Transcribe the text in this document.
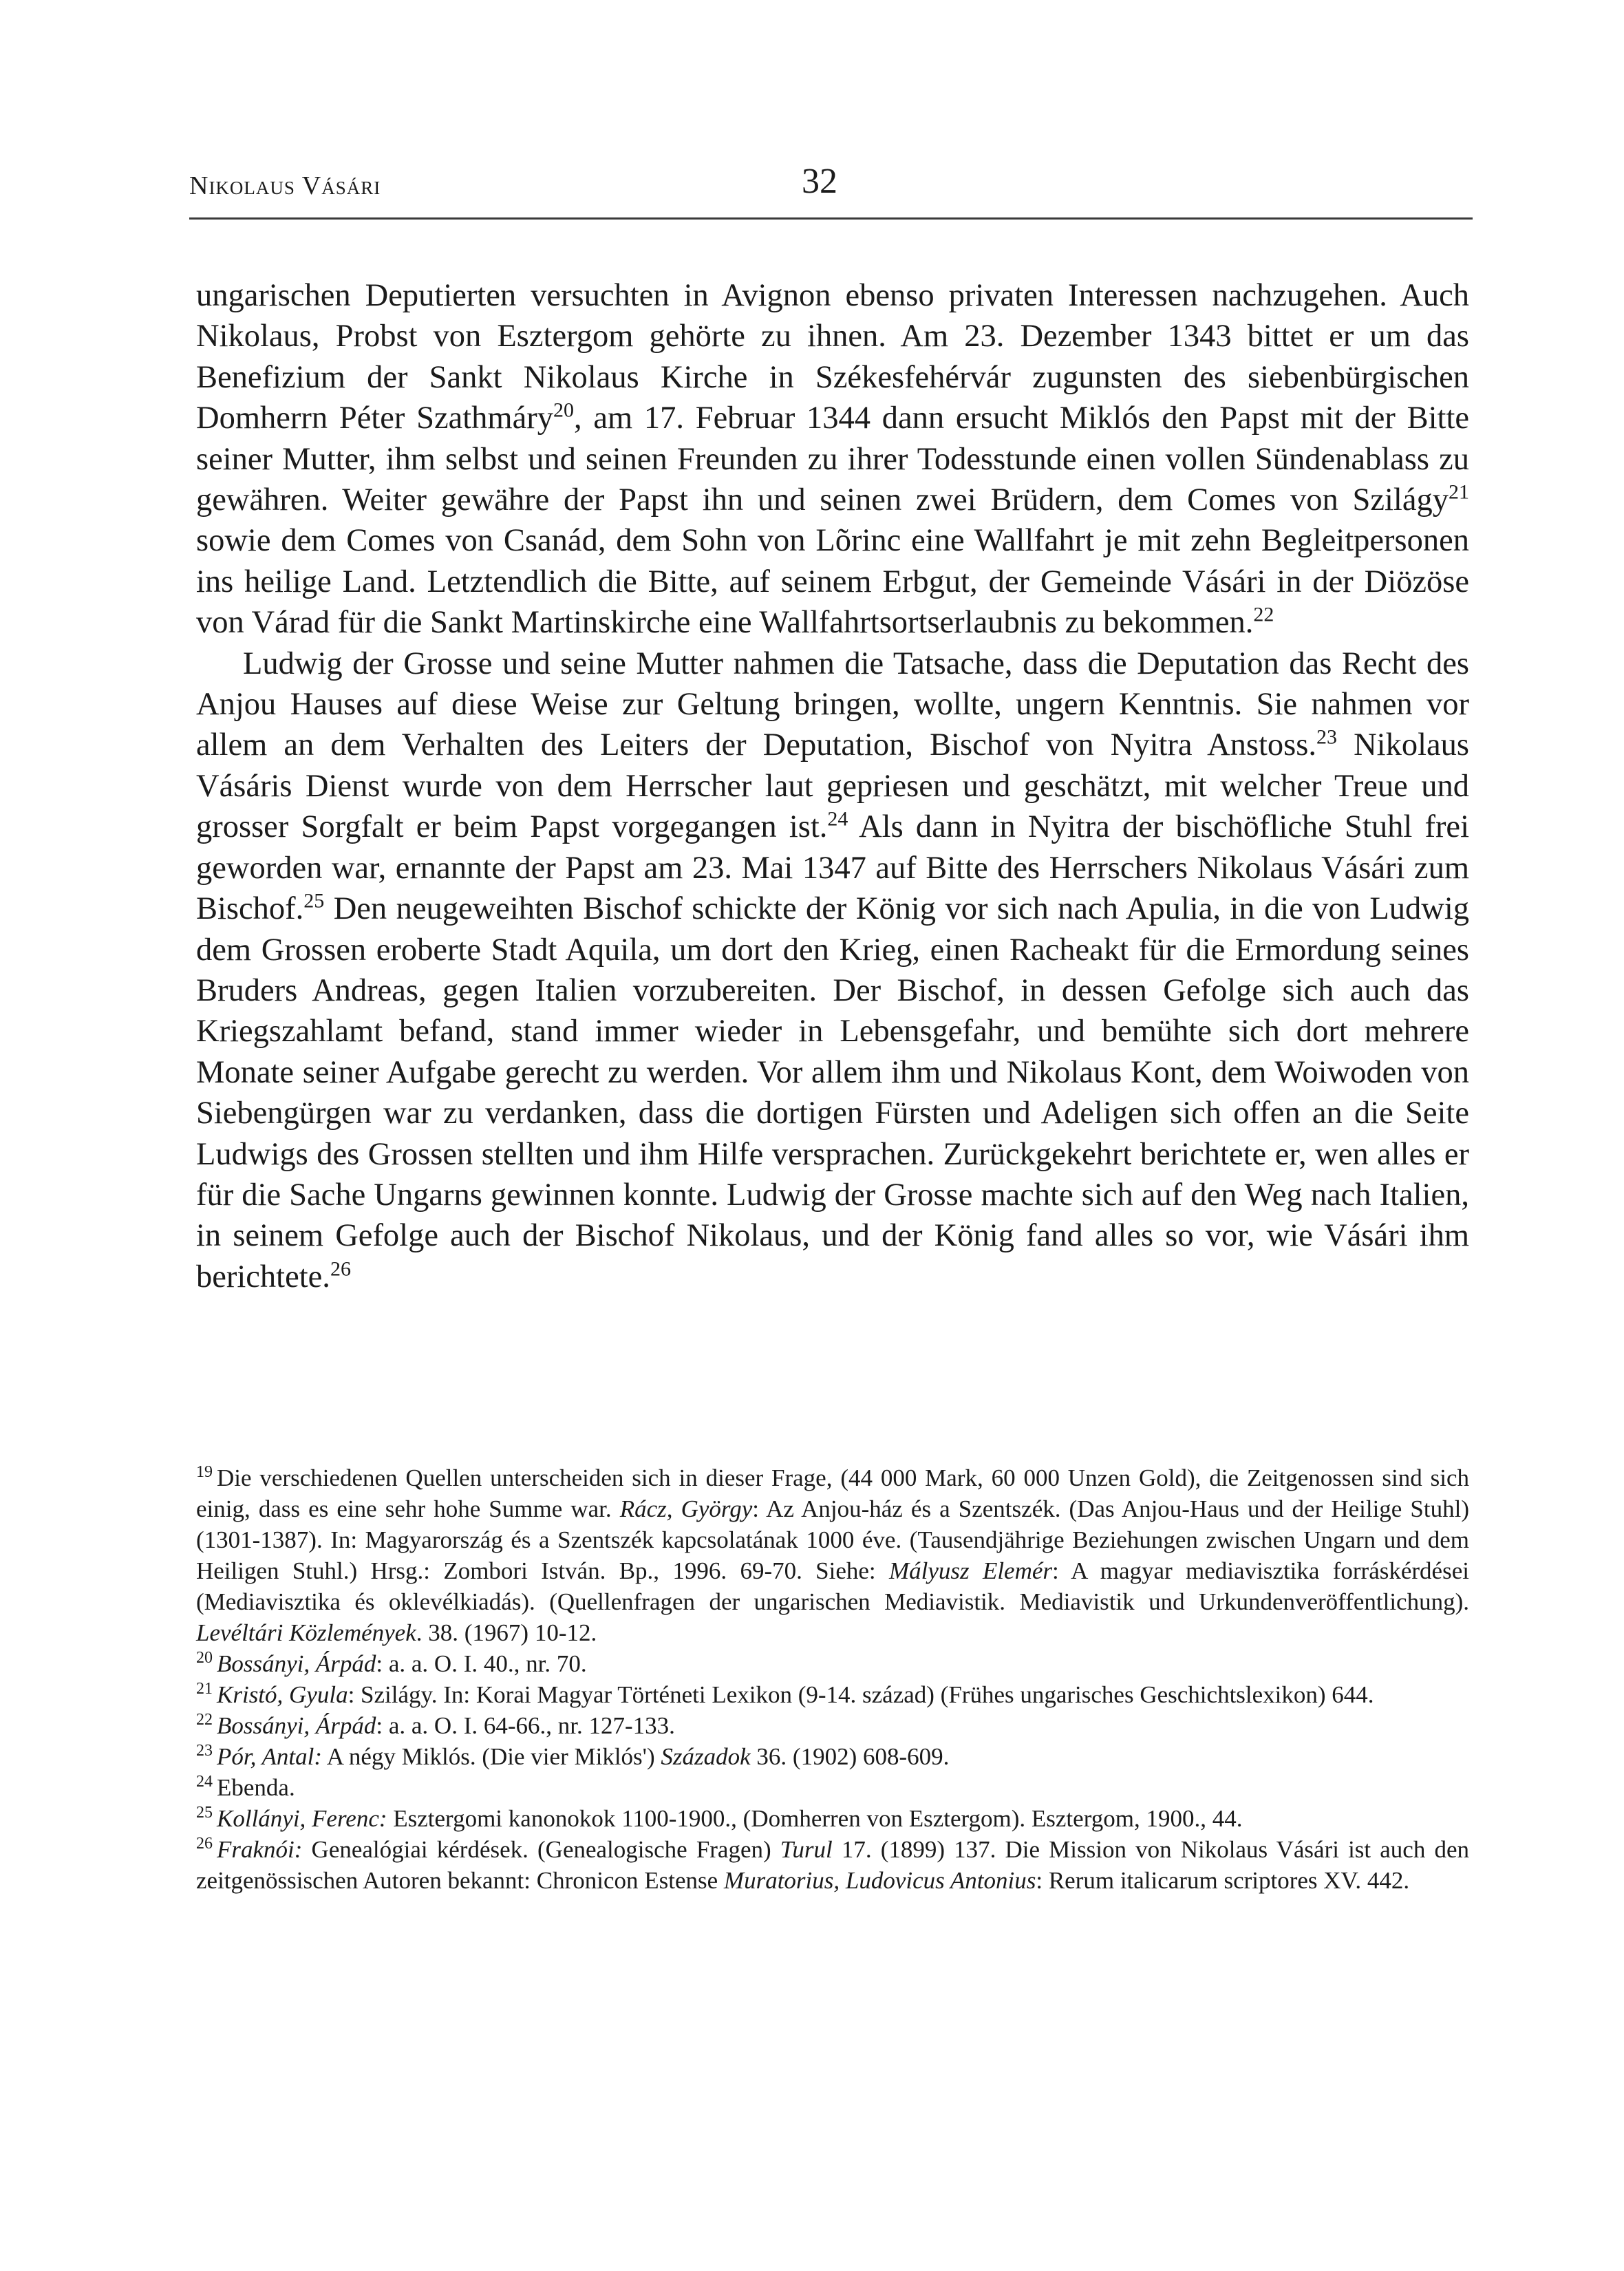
Nikolaus Vásári	32

ungarischen Deputierten versuchten in Avignon ebenso privaten Interessen nachzugehen. Auch Nikolaus, Probst von Esztergom gehörte zu ihnen. Am 23. Dezember 1343 bittet er um das Benefizium der Sankt Nikolaus Kirche in Székesfehérvár zugunsten des siebenbürgischen Domherrn Péter Szathmáry$^{20}$, am 17. Februar 1344 dann ersucht Miklós den Papst mit der Bitte seiner Mutter, ihm selbst und seinen Freunden zu ihrer Todesstunde einen vollen Sündenablass zu gewähren. Weiter gewähre der Papst ihn und seinen zwei Brüdern, dem Comes von Szilágy$^{21}$ sowie dem Comes von Csanád, dem Sohn von Lõrinc eine Wallfahrt je mit zehn Begleitpersonen ins heilige Land. Letztendlich die Bitte, auf seinem Erbgut, der Gemeinde Vásári in der Diözöse von Várad für die Sankt Martinskirche eine Wallfahrtsortserlaubnis zu bekommen.$^{22}$

Ludwig der Grosse und seine Mutter nahmen die Tatsache, dass die Deputation das Recht des Anjou Hauses auf diese Weise zur Geltung bringen, wollte, ungern Kenntnis. Sie nahmen vor allem an dem Verhalten des Leiters der Deputation, Bischof von Nyitra Anstoss.$^{23}$ Nikolaus Vásáris Dienst wurde von dem Herrscher laut gepriesen und geschätzt, mit welcher Treue und grosser Sorgfalt er beim Papst vorgegangen ist.$^{24}$ Als dann in Nyitra der bischöfliche Stuhl frei geworden war, ernannte der Papst am 23. Mai 1347 auf Bitte des Herrschers Nikolaus Vásári zum Bischof.$^{25}$ Den neugeweihten Bischof schickte der König vor sich nach Apulia, in die von Ludwig dem Grossen eroberte Stadt Aquila, um dort den Krieg, einen Racheakt für die Ermordung seines Bruders Andreas, gegen Italien vorzubereiten. Der Bischof, in dessen Gefolge sich auch das Kriegszahlamt befand, stand immer wieder in Lebensgefahr, und bemühte sich dort mehrere Monate seiner Aufgabe gerecht zu werden. Vor allem ihm und Nikolaus Kont, dem Woiwoden von Siebengürgen war zu verdanken, dass die dortigen Fürsten und Adeligen sich offen an die Seite Ludwigs des Grossen stellten und ihm Hilfe versprachen. Zurückgekehrt berichtete er, wen alles er für die Sache Ungarns gewinnen konnte. Ludwig der Grosse machte sich auf den Weg nach Italien, in seinem Gefolge auch der Bischof Nikolaus, und der König fand alles so vor, wie Vásári ihm berichtete.$^{26}$

$^{19}$ Die verschiedenen Quellen unterscheiden sich in dieser Frage, (44 000 Mark, 60 000 Unzen Gold), die Zeitgenossen sind sich einig, dass es eine sehr hohe Summe war. Rácz, György: Az Anjou-ház és a Szentszék. (Das Anjou-Haus und der Heilige Stuhl)(1301-1387). In: Magyarország és a Szentszék kapcsolatának 1000 éve. (Tausendjährige Beziehungen zwischen Ungarn und dem Heiligen Stuhl.) Hrsg.: Zombori István. Bp., 1996. 69-70. Siehe: Mályusz Elemér: A magyar mediavisztika forráskérdései (Mediavisztika és oklevélkiadás). (Quellenfragen der ungarischen Mediavistik. Mediavistik und Urkundenveröffentlichung). Levéltári Közlemények. 38. (1967) 10-12.

$^{20}$ Bossányi, Árpád: a. a. O. I. 40., nr. 70.

$^{21}$ Kristó, Gyula: Szilágy. In: Korai Magyar Történeti Lexikon (9-14. század) (Frühes ungarisches Geschichtslexikon) 644.

$^{22}$ Bossányi, Árpád: a. a. O. I. 64-66., nr. 127-133.

$^{23}$ Pór, Antal: A négy Miklós. (Die vier Miklós') Századok 36. (1902) 608-609.

$^{24}$ Ebenda.

$^{25}$ Kollányi, Ferenc: Esztergomi kanonokok 1100-1900., (Domherren von Esztergom). Esztergom, 1900., 44.

$^{26}$ Fraknói: Genealógiai kérdések. (Genealogische Fragen) Turul 17. (1899) 137. Die Mission von Nikolaus Vásári ist auch den zeitgenössischen Autoren bekannt: Chronicon Estense Muratorius, Ludovicus Antonius: Rerum italicarum scriptores XV. 442.
